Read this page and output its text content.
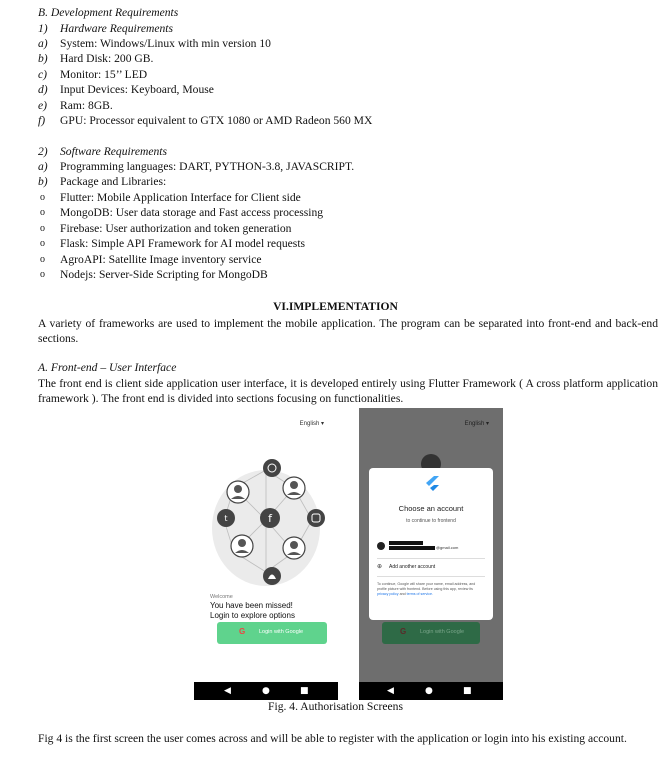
B. Development Requirements
1)	Hardware Requirements
a)	System: Windows/Linux with min version 10
b)	Hard Disk: 200 GB.
c)	Monitor: 15’’ LED
d)	Input Devices: Keyboard, Mouse
e)	Ram: 8GB.
f)	GPU: Processor equivalent to GTX 1080 or AMD Radeon 560 MX
2)	Software Requirements
a)	Programming languages: DART, PYTHON-3.8, JAVASCRIPT.
b)	Package and Libraries:
o Flutter: Mobile Application Interface for Client side
o MongoDB: User data storage and Fast access processing
o Firebase: User authorization and token generation
o Flask: Simple API Framework for AI model requests
o AgroAPI: Satellite Image inventory service
o Nodejs: Server-Side Scripting for MongoDB
VI.IMPLEMENTATION
A variety of frameworks are used to implement the mobile application. The program can be separated into front-end and back-end sections.
A. Front-end – User Interface
The front end is client side application user interface, it is developed entirely using Flutter Framework ( A cross platform application framework ). The front end is divided into sections focusing on functionalities.
English ▾
t	f
Welcome
You have been missed!
Login to explore options
G	Login with Google
◀	●	■
English ▾
Choose an account
to continue to frontend
@gmail.com
⊕ Add another account
To continue, Google will share your name, email address, and profile picture with frontend. Before using this app, review its privacy policy and terms of service.
G	Login with Google
◀	●	■
Fig. 4. Authorisation Screens
Fig 4 is the first screen the user comes across and will be able to register with the application or login into his existing account.
